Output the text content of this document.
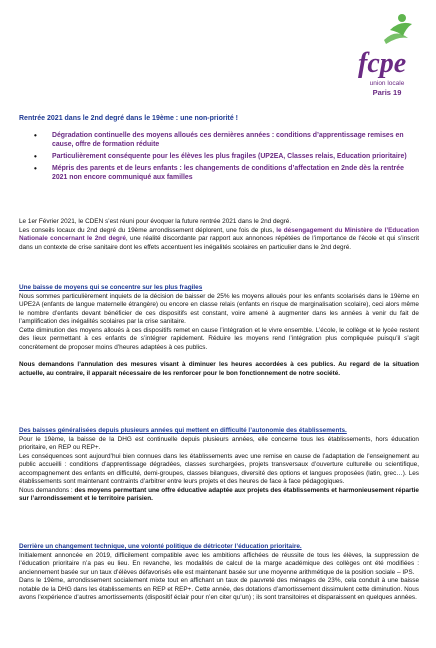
fcpe
union locale
Paris 19
Rentrée 2021 dans le 2nd degré dans le 19ème : une non-priorité !
• Dégradation continuelle des moyens alloués ces dernières années : conditions d’apprentissage remises en cause, offre de formation réduite
• Particulièrement conséquente pour les élèves les plus fragiles (UP2EA, Classes relais, Education prioritaire)
• Mépris des parents et de leurs enfants : les changements de conditions d’affectation en 2nde dès la rentrée 2021 non encore communiqué aux familles

Le 1er Février 2021, le CDEN s’est réuni pour évoquer la future rentrée 2021 dans le 2nd degré.

Les conseils locaux du 2nd degré du 19ème arrondissement déplorent, une fois de plus, le désengagement du Ministère de l’Education Nationale concernant le 2nd degré, une réalité discordante par rapport aux annonces répétées de l’importance de l’école et qui s’inscrit dans un contexte de crise sanitaire dont les effets accentuent les inégalités scolaires en particulier dans le 2nd degré.

Une baisse de moyens qui se concentre sur les plus fragiles

Nous sommes particulièrement inquiets de la décision de baisser de 25% les moyens alloués pour les enfants scolarisés dans le 19ème en UPE2A (enfants de langue maternelle étrangère) ou encore en classe relais (enfants en risque de marginalisation scolaire), ceci alors même le nombre d’enfants devant bénéficier de ces dispositifs est constant, voire amené à augmenter dans les années à venir du fait de l’amplification des inégalités scolaires par la crise sanitaire.

Cette diminution des moyens alloués à ces dispositifs remet en cause l’intégration et le vivre ensemble. L’école, le collège et le lycée restent des lieux permettant à ces enfants de s’intégrer rapidement. Réduire les moyens rend l’intégration plus compliquée puisqu’il s’agit concrètement de proposer moins d’heures adaptées à ces publics.

Nous demandons l’annulation des mesures visant à diminuer les heures accordées à ces publics. Au regard de la situation actuelle, au contraire, il apparait nécessaire de les renforcer pour le bon fonctionnement de notre société.

Des baisses généralisées depuis plusieurs années qui mettent en difficulté l’autonomie des établissements.

Pour le 19ème, la baisse de la DHG est continuelle depuis plusieurs années, elle concerne tous les établissements, hors éducation prioritaire, en REP ou REP+.

Les conséquences sont aujourd’hui bien connues dans les établissements avec une remise en cause de l’adaptation de l’enseignement au public accueilli : conditions d’apprentissage dégradées, classes surchargées, projets transversaux d’ouverture culturelle ou scientifique, accompagnement des enfants en difficulté, demi-groupes, classes bilangues, diversité des options et langues proposées (latin, grec…). Les établissements sont maintenant contraints d’arbitrer entre leurs projets et des heures de face à face pédagogiques.

Nous demandons : des moyens permettant une offre éducative adaptée aux projets des établissements et harmonieusement répartie sur l’arrondissement et le territoire parisien.

Derrière un changement technique, une volonté politique de détricoter l’éducation prioritaire.

Initialement annoncée en 2019, difficilement compatible avec les ambitions affichées de réussite de tous les élèves, la suppression de l’éducation prioritaire n’a pas eu lieu. En revanche, les modalités de calcul de la marge académique des collèges ont été modifiées : anciennement basée sur un taux d’élèves défavorisés elle est maintenant basée sur une moyenne arithmétique de la position sociale – IPS.

Dans le 19ème, arrondissement socialement mixte tout en affichant un taux de pauvreté des ménages de 23%, cela conduit à une baisse notable de la DHG dans les établissements en REP et REP+. Cette année, des dotations d’amortissement dissimulent cette diminution. Nous avons l’expérience d’autres amortissements (dispositif éclair pour n’en citer qu’un) ; ils sont transitoires et disparaissent en quelques années.
